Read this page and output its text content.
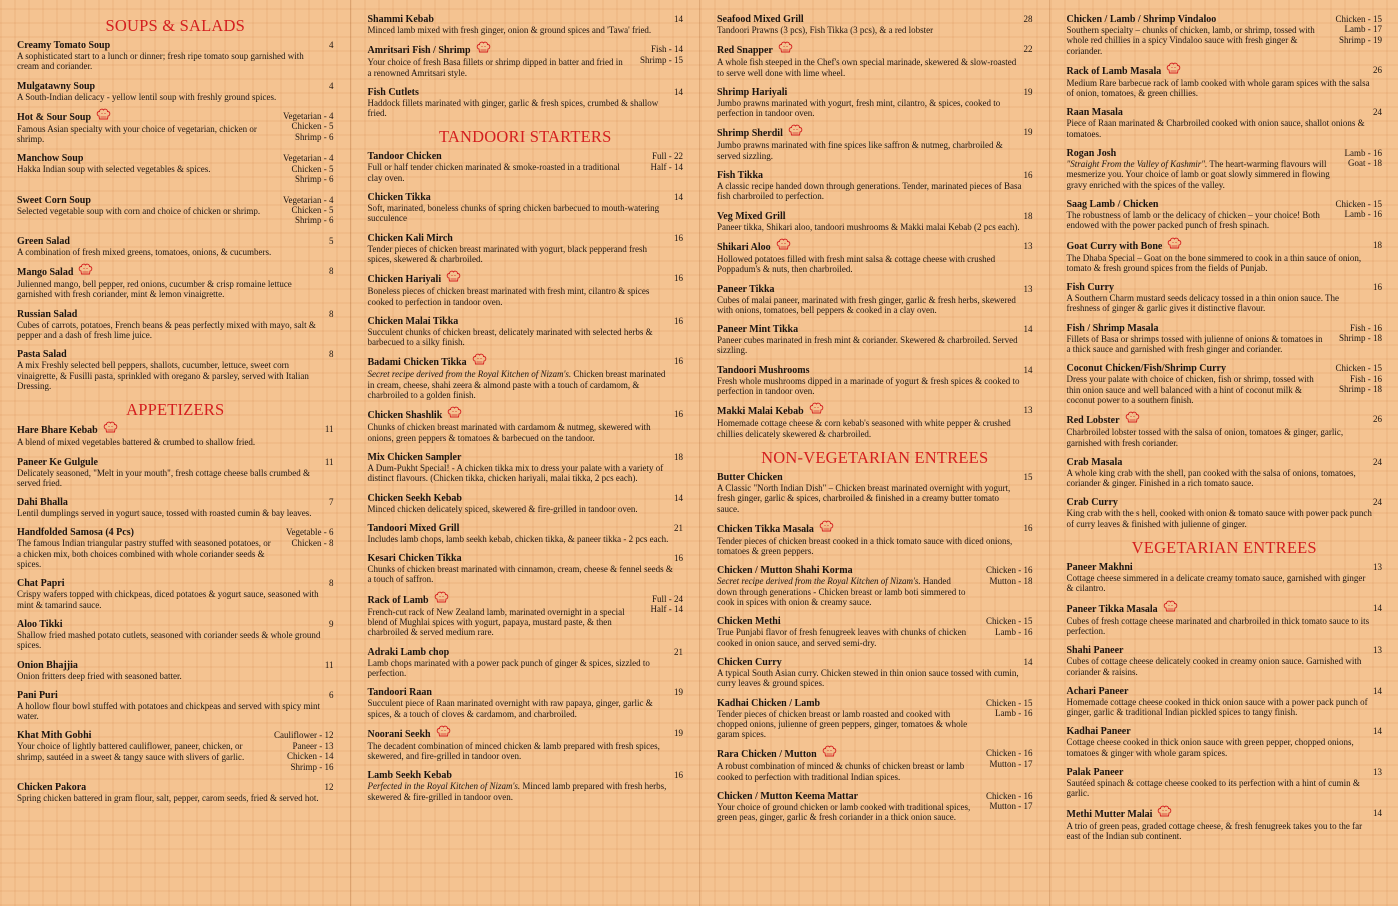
SOUPS & SALADS
Creamy Tomato Soup	4
A sophisticated start to a lunch or dinner; fresh ripe tomato soup garnished with cream and coriander.
Mulgatawny Soup	4
A South-Indian delicacy - yellow lentil soup with freshly ground spices.
Hot & Sour Soup	Vegetarian - 4
Chicken - 5
Shrimp - 6
Famous Asian specialty with your choice of vegetarian, chicken or shrimp.
Manchow Soup	Vegetarian - 4
Chicken - 5
Shrimp - 6
Hakka Indian soup with selected vegetables & spices.
Sweet Corn Soup	Vegetarian - 4
Chicken - 5
Shrimp - 6
Selected vegetable soup with corn and choice of chicken or shrimp.
Green Salad	5
A combination of fresh mixed greens, tomatoes, onions, & cucumbers.
Mango Salad	8
Julienned mango, bell pepper, red onions, cucumber & crisp romaine lettuce garnished with fresh coriander, mint & lemon vinaigrette.
Russian Salad	8
Cubes of carrots, potatoes, French beans & peas perfectly mixed with mayo, salt & pepper and a dash of fresh lime juice.
Pasta Salad	8
A mix Freshly selected bell peppers, shallots, cucumber, lettuce, sweet corn vinaigrette, & Fusilli pasta, sprinkled with oregano & parsley, served with Italian Dressing.
APPETIZERS
Hare Bhare Kebab	11
A blend of mixed vegetables battered & crumbed to shallow fried.
Paneer Ke Gulgule	11
Delicately seasoned, "Melt in your mouth", fresh cottage cheese balls crumbed & served fried.
Dahi Bhalla	7
Lentil dumplings served in yogurt sauce, tossed with roasted cumin & bay leaves.
Handfolded Samosa (4 Pcs)	Vegetable - 6
Chicken - 8
The famous Indian triangular pastry stuffed with seasoned potatoes, or a chicken mix, both choices combined with whole coriander seeds & spices.
Chat Papri	8
Crispy wafers topped with chickpeas, diced potatoes & yogurt sauce, seasoned with mint & tamarind sauce.
Aloo Tikki	9
Shallow fried mashed potato cutlets, seasoned with coriander seeds & whole ground spices.
Onion Bhajjia	11
Onion fritters deep fried with seasoned batter.
Pani Puri	6
A hollow flour bowl stuffed with potatoes and chickpeas and served with spicy mint water.
Khat Mith Gobhi	Cauliflower - 12
Paneer - 13
Chicken - 14
Shrimp - 16
Your choice of lightly battered cauliflower, paneer, chicken, or shrimp, sautéed in a sweet & tangy sauce with slivers of garlic.
Chicken Pakora	12
Spring chicken battered in gram flour, salt, pepper, carom seeds, fried & served hot.
Shammi Kebab	14
Minced lamb mixed with fresh ginger, onion & ground spices and 'Tawa' fried.
Amritsari Fish / Shrimp	Fish - 14
Shrimp - 15
Your choice of fresh Basa fillets or shrimp dipped in batter and fried in a renowned Amritsari style.
Fish Cutlets	14
Haddock fillets marinated with ginger, garlic & fresh spices, crumbed & shallow fried.
TANDOORI STARTERS
Tandoor Chicken	Full - 22
Half - 14
Full or half tender chicken marinated & smoke-roasted in a traditional clay oven.
Chicken Tikka	14
Soft, marinated, boneless chunks of spring chicken barbecued to mouth-watering succulence
Chicken Kali Mirch	16
Tender pieces of chicken breast marinated with yogurt, black pepperand fresh spices, skewered & charbroiled.
Chicken Hariyali	16
Boneless pieces of chicken breast marinated with fresh mint, cilantro & spices cooked to perfection in tandoor oven.
Chicken Malai Tikka	16
Succulent chunks of chicken breast, delicately marinated with selected herbs & barbecued to a silky finish.
Badami Chicken Tikka	16
Secret recipe derived from the Royal Kitchen of Nizam's. Chicken breast marinated in cream, cheese, shahi zeera & almond paste with a touch of cardamom, & charbroiled to a golden finish.
Chicken Shashlik	16
Chunks of chicken breast marinated with cardamom & nutmeg, skewered with onions, green peppers & tomatoes & barbecued on the tandoor.
Mix Chicken Sampler	18
A Dum-Pukht Special! - A chicken tikka mix to dress your palate with a variety of distinct flavours. (Chicken tikka, chicken hariyali, malai tikka, 2 pcs each).
Chicken Seekh Kebab	14
Minced chicken delicately spiced, skewered & fire-grilled in tandoor oven.
Tandoori Mixed Grill	21
Includes lamb chops, lamb seekh kebab, chicken tikka, & paneer tikka - 2 pcs each.
Kesari Chicken Tikka	16
Chunks of chicken breast marinated with cinnamon, cream, cheese & fennel seeds & a touch of saffron.
Rack of Lamb	Full - 24
Half - 14
French-cut rack of New Zealand lamb, marinated overnight in a special blend of Mughlai spices with yogurt, papaya, mustard paste, & then charbroiled & served medium rare.
Adraki Lamb chop	21
Lamb chops marinated with a power pack punch of ginger & spices, sizzled to perfection.
Tandoori Raan	19
Succulent piece of Raan marinated overnight with raw papaya, ginger, garlic & spices, & a touch of cloves & cardamom, and charbroiled.
Noorani Seekh	19
The decadent combination of minced chicken & lamb prepared with fresh spices, skewered, and fire-grilled in tandoor oven.
Lamb Seekh Kebab	16
Perfected in the Royal Kitchen of Nizam's. Minced lamb prepared with fresh herbs, skewered & fire-grilled in tandoor oven.
Seafood Mixed Grill	28
Tandoori Prawns (3 pcs), Fish Tikka (3 pcs), & a red lobster
Red Snapper	22
A whole fish steeped in the Chef's own special marinade, skewered & slow-roasted to serve well done with lime wheel.
Shrimp Hariyali	19
Jumbo prawns marinated with yogurt, fresh mint, cilantro, & spices, cooked to perfection in tandoor oven.
Shrimp Sherdil	19
Jumbo prawns marinated with fine spices like saffron & nutmeg, charbroiled & served sizzling.
Fish Tikka	16
A classic recipe handed down through generations. Tender, marinated pieces of Basa fish charbroiled to perfection.
Veg Mixed Grill	18
Paneer tikka, Shikari aloo, tandoori mushrooms & Makki malai Kebab (2 pcs each).
Shikari Aloo	13
Hollowed potatoes filled with fresh mint salsa & cottage cheese with crushed Poppadum's & nuts, then charbroiled.
Paneer Tikka	13
Cubes of malai paneer, marinated with fresh ginger, garlic & fresh herbs, skewered with onions, tomatoes, bell peppers & cooked in a clay oven.
Paneer Mint Tikka	14
Paneer cubes marinated in fresh mint & coriander. Skewered & charbroiled. Served sizzling.
Tandoori Mushrooms	14
Fresh whole mushrooms dipped in a marinade of yogurt & fresh spices & cooked to perfection in tandoor oven.
Makki Malai Kebab	13
Homemade cottage cheese & corn kebab's seasoned with white pepper & crushed chillies delicately skewered & charbroiled.
NON-VEGETARIAN ENTREES
Butter Chicken	15
A Classic "North Indian Dish" – Chicken breast marinated overnight with yogurt, fresh ginger, garlic & spices, charbroiled & finished in a creamy butter tomato sauce.
Chicken Tikka Masala	16
Tender pieces of chicken breast cooked in a thick tomato sauce with diced onions, tomatoes & green peppers.
Chicken / Mutton Shahi Korma	Chicken - 16
Mutton - 18
Secret recipe derived from the Royal Kitchen of Nizam's. Handed down through generations - Chicken breast or lamb boti simmered to cook in spices with onion & creamy sauce.
Chicken Methi	Chicken - 15
Lamb - 16
True Punjabi flavor of fresh fenugreek leaves with chunks of chicken cooked in onion sauce, and served semi-dry.
Chicken Curry	14
A typical South Asian curry. Chicken stewed in thin onion sauce tossed with cumin, curry leaves & ground spices.
Kadhai Chicken / Lamb	Chicken - 15
Lamb - 16
Tender pieces of chicken breast or lamb roasted and cooked with chopped onions, julienne of green peppers, ginger, tomatoes & whole garam spices.
Rara Chicken / Mutton	Chicken - 16
Mutton - 17
A robust combination of minced & chunks of chicken breast or lamb cooked to perfection with traditional Indian spices.
Chicken / Mutton Keema Mattar	Chicken - 16
Mutton - 17
Your choice of ground chicken or lamb cooked with traditional spices, green peas, ginger, garlic & fresh coriander in a thick onion sauce.
Chicken / Lamb / Shrimp Vindaloo	Chicken - 15
Lamb - 17
Shrimp - 19
Southern specialty – chunks of chicken, lamb, or shrimp, tossed with whole red chillies in a spicy Vindaloo sauce with fresh ginger & coriander.
Rack of Lamb Masala	26
Medium Rare barbecue rack of lamb cooked with whole garam spices with the salsa of onion, tomatoes, & green chillies.
Raan Masala	24
Piece of Raan marinated & Charbroiled cooked with onion sauce, shallot onions & tomatoes.
Rogan Josh	Lamb - 16
Goat - 18
"Straight From the Valley of Kashmir". The heart-warming flavours will mesmerize you. Your choice of lamb or goat slowly simmered in flowing gravy enriched with the spices of the valley.
Saag Lamb / Chicken	Chicken - 15
Lamb - 16
The robustness of lamb or the delicacy of chicken – your choice! Both endowed with the power packed punch of fresh spinach.
Goat Curry with Bone	18
The Dhaba Special – Goat on the bone simmered to cook in a thin sauce of onion, tomato & fresh ground spices from the fields of Punjab.
Fish Curry	16
A Southern Charm mustard seeds delicacy tossed in a thin onion sauce. The freshness of ginger & garlic gives it distinctive flavour.
Fish / Shrimp Masala	Fish - 16
Shrimp - 18
Fillets of Basa or shrimps tossed with julienne of onions & tomatoes in a thick sauce and garnished with fresh ginger and coriander.
Coconut Chicken/Fish/Shrimp Curry	Chicken - 15
Fish - 16
Shrimp - 18
Dress your palate with choice of chicken, fish or shrimp, tossed with thin onion sauce and well balanced with a hint of coconut milk & coconut power to a southern finish.
Red Lobster	26
Charbroiled lobster tossed with the salsa of onion, tomatoes & ginger, garlic, garnished with fresh coriander.
Crab Masala	24
A whole king crab with the shell, pan cooked with the salsa of onions, tomatoes, coriander & ginger. Finished in a rich tomato sauce.
Crab Curry	24
King crab with the s hell, cooked with onion & tomato sauce with power pack punch of curry leaves & finished with julienne of ginger.
VEGETARIAN ENTREES
Paneer Makhni	13
Cottage cheese simmered in a delicate creamy tomato sauce, garnished with ginger & cilantro.
Paneer Tikka Masala	14
Cubes of fresh cottage cheese marinated and charbroiled in thick tomato sauce to its perfection.
Shahi Paneer	13
Cubes of cottage cheese delicately cooked in creamy onion sauce. Garnished with coriander & raisins.
Achari Paneer	14
Homemade cottage cheese cooked in thick onion sauce with a power pack punch of ginger, garlic & traditional Indian pickled spices to tangy finish.
Kadhai Paneer	14
Cottage cheese cooked in thick onion sauce with green pepper, chopped onions, tomatoes & ginger with whole garam spices.
Palak Paneer	13
Sautéed spinach & cottage cheese cooked to its perfection with a hint of cumin & garlic.
Methi Mutter Malai	14
A trio of green peas, graded cottage cheese, & fresh fenugreek takes you to the far east of the Indian sub continent.
